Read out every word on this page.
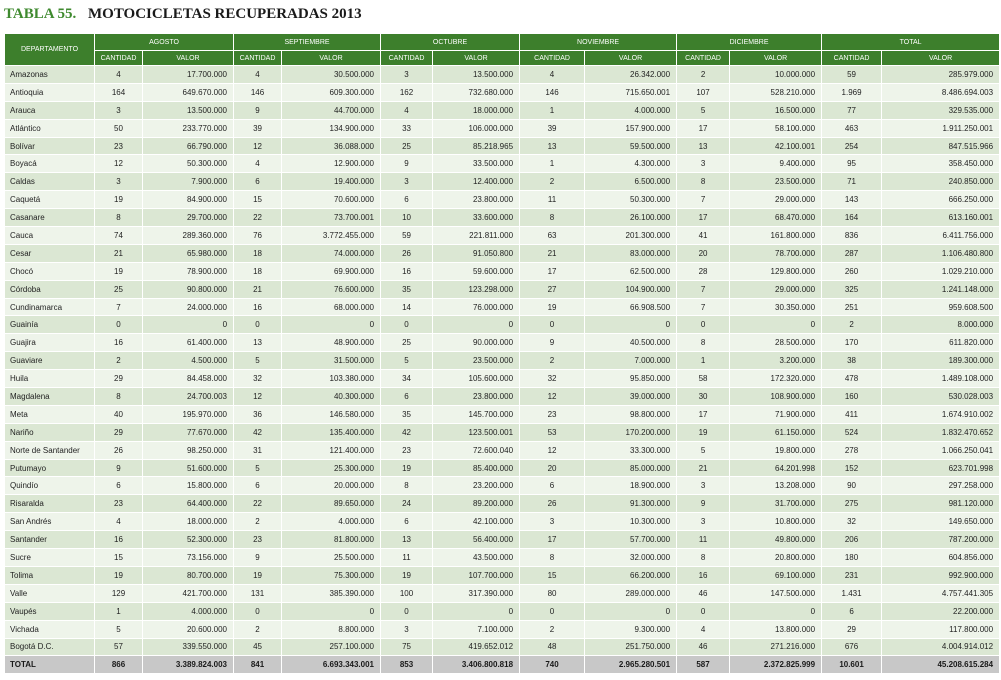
TABLA 55. MOTOCICLETAS RECUPERADAS 2013
DEPARTAMENTO	AGOSTO		SEPTIEMBRE		OCTUBRE		NOVIEMBRE		DICIEMBRE		TOTAL	
	CANTIDAD	VALOR	CANTIDAD	VALOR	CANTIDAD	VALOR	CANTIDAD	VALOR	CANTIDAD	VALOR	CANTIDAD	VALOR
Amazonas	4	17.700.000	4	30.500.000	3	13.500.000	4	26.342.000	2	10.000.000	59	285.979.000
Antioquia	164	649.670.000	146	609.300.000	162	732.680.000	146	715.650.001	107	528.210.000	1.969	8.486.694.003
Arauca	3	13.500.000	9	44.700.000	4	18.000.000	1	4.000.000	5	16.500.000	77	329.535.000
Atlántico	50	233.770.000	39	134.900.000	33	106.000.000	39	157.900.000	17	58.100.000	463	1.911.250.001
Bolívar	23	66.790.000	12	36.088.000	25	85.218.965	13	59.500.000	13	42.100.001	254	847.515.966
Boyacá	12	50.300.000	4	12.900.000	9	33.500.000	1	4.300.000	3	9.400.000	95	358.450.000
Caldas	3	7.900.000	6	19.400.000	3	12.400.000	2	6.500.000	8	23.500.000	71	240.850.000
Caquetá	19	84.900.000	15	70.600.000	6	23.800.000	11	50.300.000	7	29.000.000	143	666.250.000
Casanare	8	29.700.000	22	73.700.001	10	33.600.000	8	26.100.000	17	68.470.000	164	613.160.001
Cauca	74	289.360.000	76	3.772.455.000	59	221.811.000	63	201.300.000	41	161.800.000	836	6.411.756.000
Cesar	21	65.980.000	18	74.000.000	26	91.050.800	21	83.000.000	20	78.700.000	287	1.106.480.800
Chocó	19	78.900.000	18	69.900.000	16	59.600.000	17	62.500.000	28	129.800.000	260	1.029.210.000
Córdoba	25	90.800.000	21	76.600.000	35	123.298.000	27	104.900.000	7	29.000.000	325	1.241.148.000
Cundinamarca	7	24.000.000	16	68.000.000	14	76.000.000	19	66.908.500	7	30.350.000	251	959.608.500
Guainía	0	0	0	0	0	0	0	0	0	0	2	8.000.000
Guajira	16	61.400.000	13	48.900.000	25	90.000.000	9	40.500.000	8	28.500.000	170	611.820.000
Guaviare	2	4.500.000	5	31.500.000	5	23.500.000	2	7.000.000	1	3.200.000	38	189.300.000
Huila	29	84.458.000	32	103.380.000	34	105.600.000	32	95.850.000	58	172.320.000	478	1.489.108.000
Magdalena	8	24.700.003	12	40.300.000	6	23.800.000	12	39.000.000	30	108.900.000	160	530.028.003
Meta	40	195.970.000	36	146.580.000	35	145.700.000	23	98.800.000	17	71.900.000	411	1.674.910.002
Nariño	29	77.670.000	42	135.400.000	42	123.500.001	53	170.200.000	19	61.150.000	524	1.832.470.652
Norte de Santander	26	98.250.000	31	121.400.000	23	72.600.040	12	33.300.000	5	19.800.000	278	1.066.250.041
Putumayo	9	51.600.000	5	25.300.000	19	85.400.000	20	85.000.000	21	64.201.998	152	623.701.998
Quindío	6	15.800.000	6	20.000.000	8	23.200.000	6	18.900.000	3	13.208.000	90	297.258.000
Risaralda	23	64.400.000	22	89.650.000	24	89.200.000	26	91.300.000	9	31.700.000	275	981.120.000
San Andrés	4	18.000.000	2	4.000.000	6	42.100.000	3	10.300.000	3	10.800.000	32	149.650.000
Santander	16	52.300.000	23	81.800.000	13	56.400.000	17	57.700.000	11	49.800.000	206	787.200.000
Sucre	15	73.156.000	9	25.500.000	11	43.500.000	8	32.000.000	8	20.800.000	180	604.856.000
Tolima	19	80.700.000	19	75.300.000	19	107.700.000	15	66.200.000	16	69.100.000	231	992.900.000
Valle	129	421.700.000	131	385.390.000	100	317.390.000	80	289.000.000	46	147.500.000	1.431	4.757.441.305
Vaupés	1	4.000.000	0	0	0	0	0	0	0	0	6	22.200.000
Vichada	5	20.600.000	2	8.800.000	3	7.100.000	2	9.300.000	4	13.800.000	29	117.800.000
Bogotá D.C.	57	339.550.000	45	257.100.000	75	419.652.012	48	251.750.000	46	271.216.000	676	4.004.914.012
TOTAL	866	3.389.824.003	841	6.693.343.001	853	3.406.800.818	740	2.965.280.501	587	2.372.825.999	10.601	45.208.615.284
